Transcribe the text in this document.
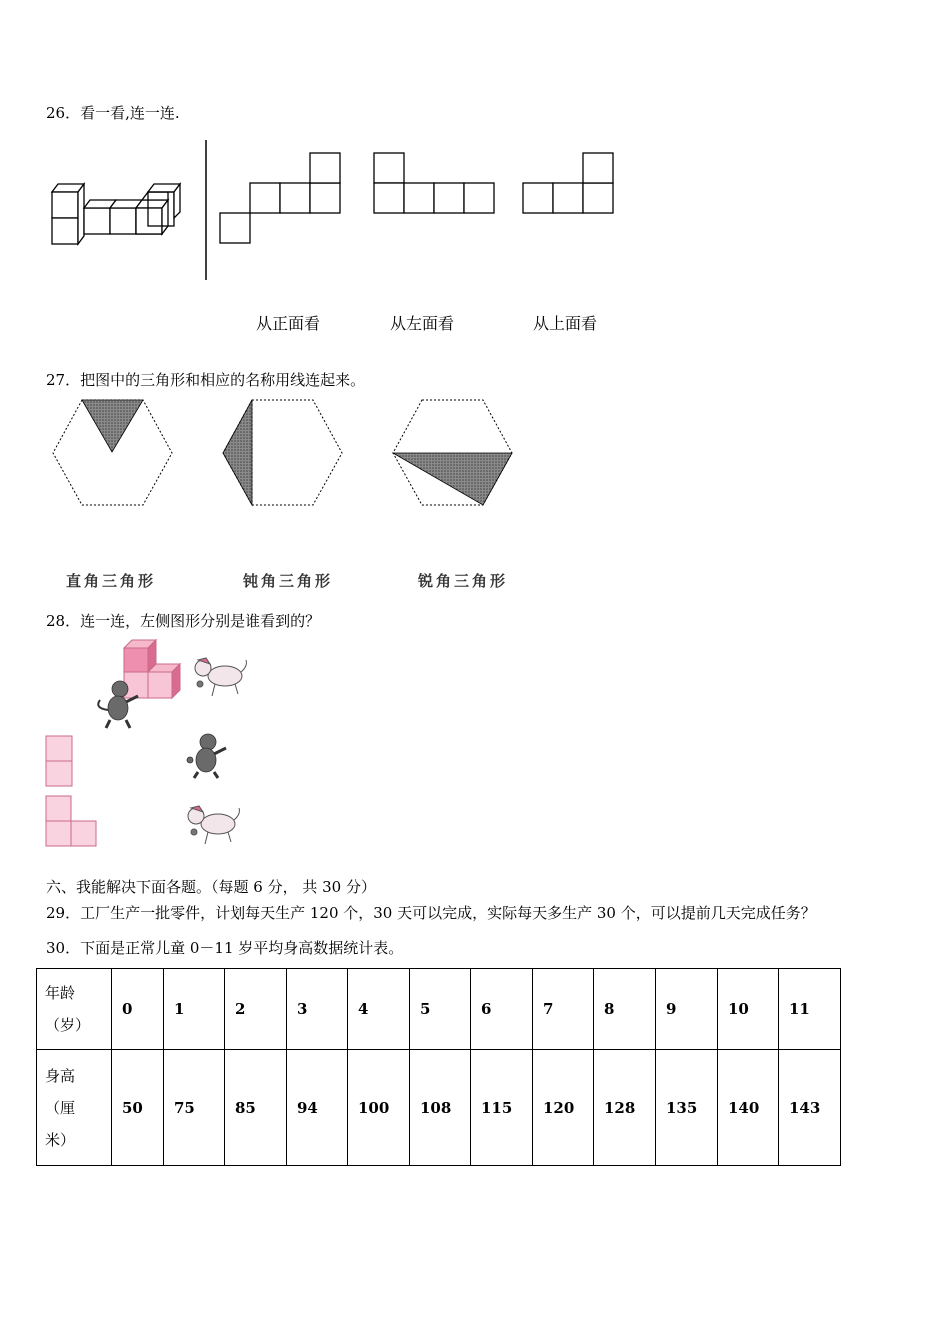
26．看一看,连一连.
从正面看	从左面看	从上面看
27．把图中的三角形和相应的名称用线连起来。
直角三角形	钝角三角形	锐角三角形
28．连一连，左侧图形分别是谁看到的？
六、我能解决下面各题。（每题 6 分， 共 30 分）
29．工厂生产一批零件，计划每天生产 120 个，30 天可以完成，实际每天多生产 30 个，可以提前几天完成任务？
30．下面是正常儿童 0－11 岁平均身高数据统计表。
年龄
（岁）	0	1	2	3	4	5	6	7	8	9	10	11

身高
（厘
米）	50	75	85	94	100	108	115	120	128	135	140	143
